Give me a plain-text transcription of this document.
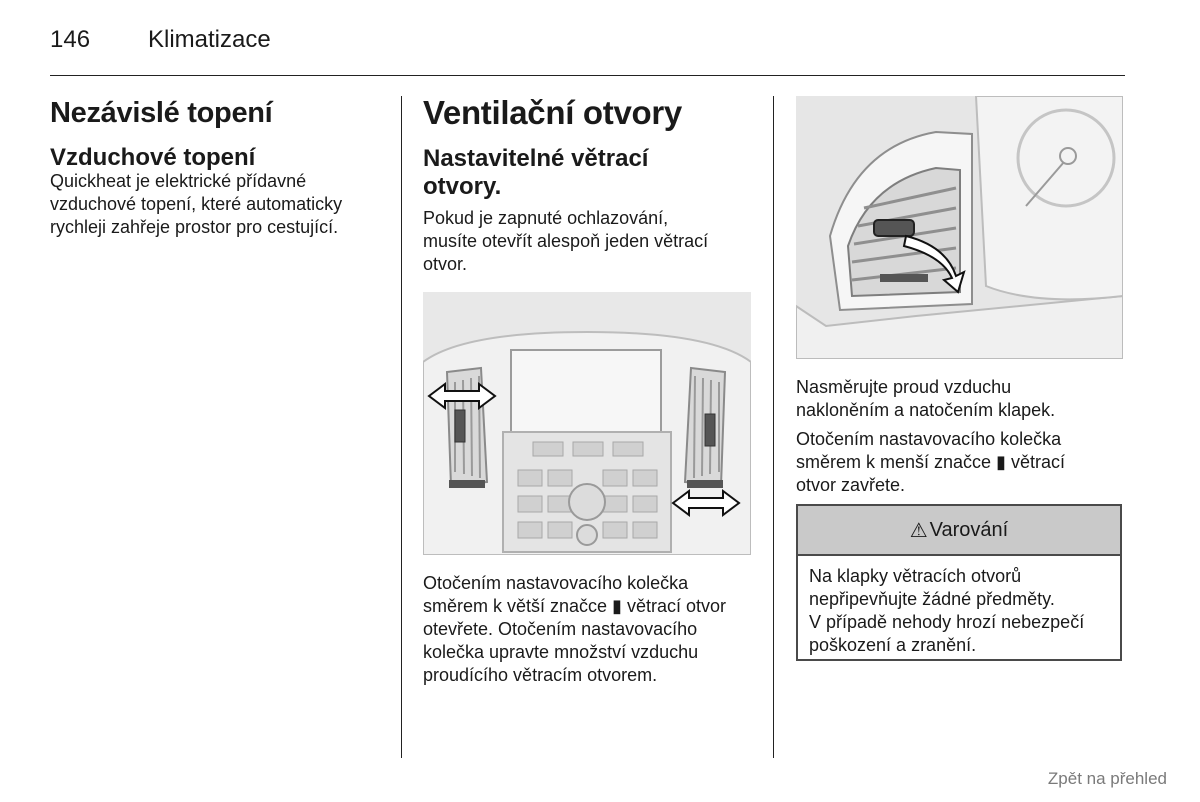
146	Klimatizace
Nezávislé topení
Vzduchové topení

Quickheat je elektrické přídavné

vzduchové topení, které automaticky

rychleji zahřeje prostor pro cestující.

Ventilační otvory
Nastavitelné větrací
otvory.

Pokud je zapnuté ochlazování,

musíte otevřít alespoň jeden větrací

otvor.

Otočením nastavovacího kolečka

směrem k větší značce ▮ větrací otvor

otevřete. Otočením nastavovacího

kolečka upravte množství vzduchu

proudícího větracím otvorem.

Nasměrujte proud vzduchu

nakloněním a natočením klapek.

Otočením nastavovacího kolečka

směrem k menší značce ▮ větrací

otvor zavřete.

⚠ Varování
Na klapky větracích otvorů
nepřipevňujte žádné předměty.
V případě nehody hrozí nebezpečí
poškození a zranění.
Zpět na přehled
